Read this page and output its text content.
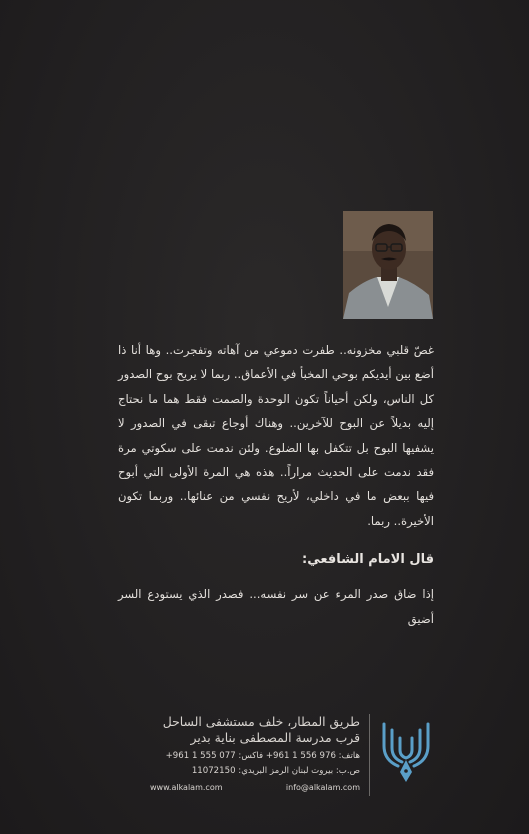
غصّ قلبي مخزونه.. طفرت دموعي من آهاته وتفجرت.. وها أنا ذا أضع بين أيديكم بوحي المخبأ في الأعماق.. ربما لا يريح بوح الصدور كل الناس، ولكن أحياناً تكون الوحدة والصمت فقط هما ما نحتاج إليه بديلاً عن البوح للآخرين.. وهناك أوجاع تبقى في الصدور لا يشفيها البوح بل تتكفل بها الضلوع. ولئن ندمت على سكوتي مرة فقد ندمت على الحديث مراراً.. هذه هي المرة الأولى التي أبوح فيها ببعض ما في داخلي، لأريح نفسي من عنائها.. وربما تكون الأخيرة.. ربما.

قال الامام الشافعي:
إذا ضاق صدر المرء عن سر نفسه... فصدر الذي يستودع السر أضيق
طريق المطار، خلف مستشفى الساحل
قرب مدرسة المصطفى بناية بدير
هاتف: 976 556 1 961+ فاكس: 077 555 1 961+
ص.ب: بيروت لبنان الرمز البريدي: 11072150
www.alkalam.com	info@alkalam.com
